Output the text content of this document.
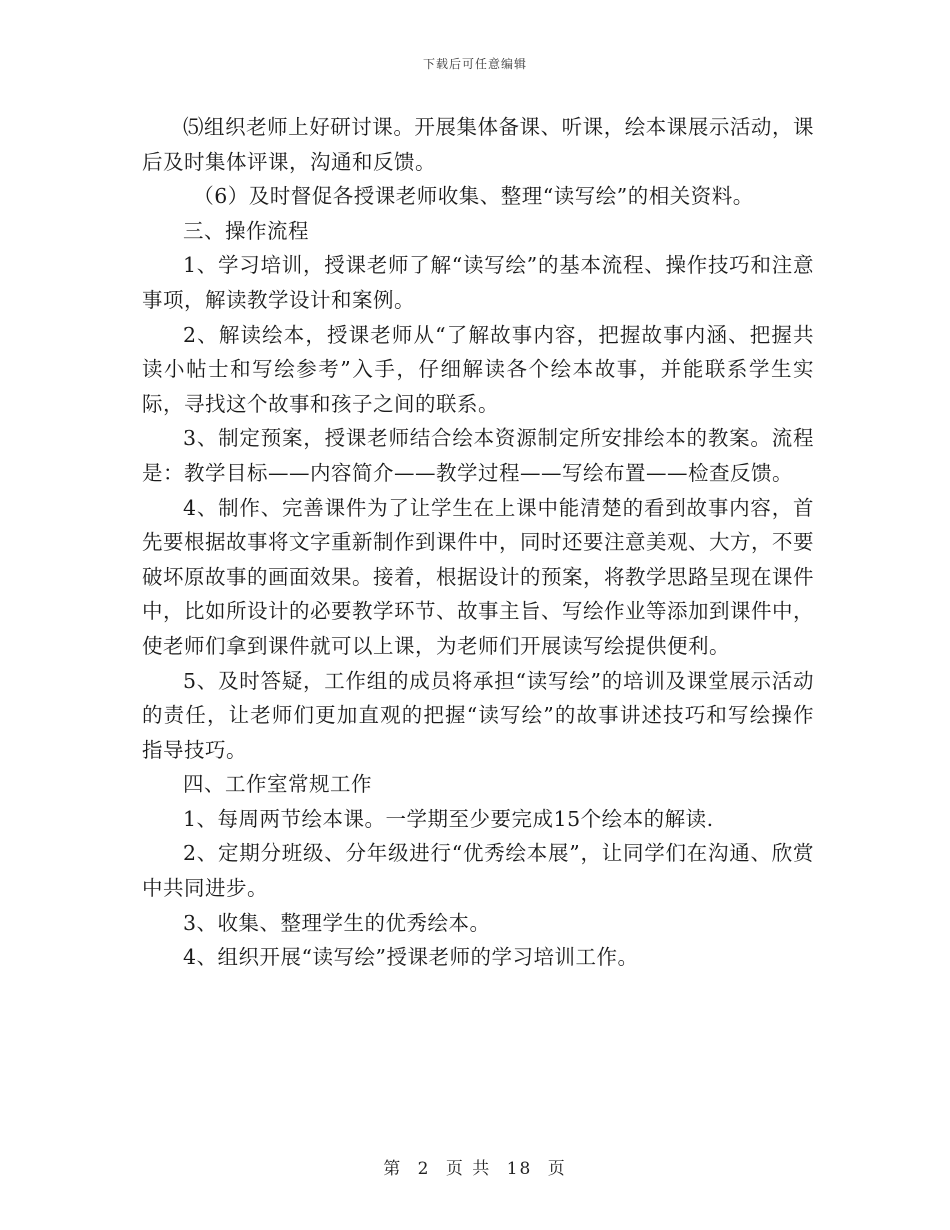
下载后可任意编辑

⑸组织老师上好研讨课。开展集体备课、听课，绘本课展示活动，课后及时集体评课，沟通和反馈。

（6）及时督促各授课老师收集、整理“读写绘”的相关资料。

三、操作流程

1、学习培训，授课老师了解“读写绘”的基本流程、操作技巧和注意事项，解读教学设计和案例。

2、解读绘本，授课老师从“了解故事内容，把握故事内涵、把握共读小帖士和写绘参考”入手，仔细解读各个绘本故事，并能联系学生实际，寻找这个故事和孩子之间的联系。

3、制定预案，授课老师结合绘本资源制定所安排绘本的教案。流程是：教学目标——内容简介——教学过程——写绘布置——检查反馈。

4、制作、完善课件为了让学生在上课中能清楚的看到故事内容，首先要根据故事将文字重新制作到课件中，同时还要注意美观、大方，不要破坏原故事的画面效果。接着，根据设计的预案，将教学思路呈现在课件中，比如所设计的必要教学环节、故事主旨、写绘作业等添加到课件中，使老师们拿到课件就可以上课，为老师们开展读写绘提供便利。

5、及时答疑，工作组的成员将承担“读写绘”的培训及课堂展示活动的责任，让老师们更加直观的把握“读写绘”的故事讲述技巧和写绘操作指导技巧。

四、工作室常规工作

1、每周两节绘本课。一学期至少要完成15个绘本的解读.

2、定期分班级、分年级进行“优秀绘本展”，让同学们在沟通、欣赏中共同进步。

3、收集、整理学生的优秀绘本。

4、组织开展“读写绘”授课老师的学习培训工作。

第 2 页 共 18 页
